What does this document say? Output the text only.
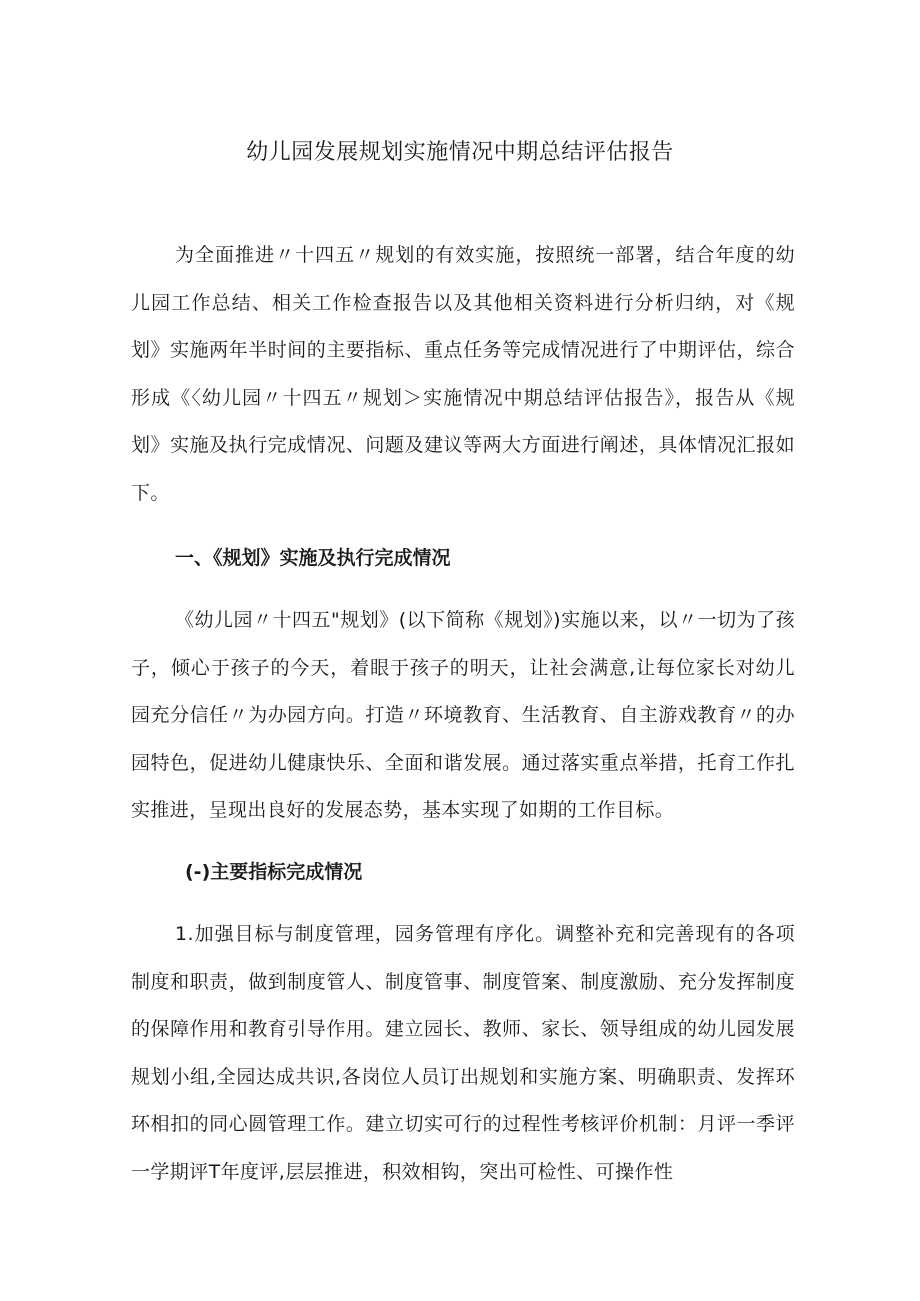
幼儿园发展规划实施情况中期总结评估报告

为全面推进〃十四五〃规划的有效实施，按照统一部署，结合年度的幼儿园工作总结、相关工作检查报告以及其他相关资料进行分析归纳，对《规划》实施两年半时间的主要指标、重点任务等完成情况进行了中期评估，综合形成《〈幼儿园〃十四五〃规划＞实施情况中期总结评估报告》，报告从《规划》实施及执行完成情况、问题及建议等两大方面进行阐述，具体情况汇报如下。

一、《规划》实施及执行完成情况

《幼儿园〃十四五"规划》(以下简称《规划》)实施以来，以〃一切为了孩子，倾心于孩子的今天，着眼于孩子的明天，让社会满意,让每位家长对幼儿园充分信任〃为办园方向。打造〃环境教育、生活教育、自主游戏教育〃的办园特色，促进幼儿健康快乐、全面和谐发展。通过落实重点举措，托育工作扎实推进，呈现出良好的发展态势，基本实现了如期的工作目标。

(-)主要指标完成情况

1.加强目标与制度管理，园务管理有序化。调整补充和完善现有的各项制度和职责，做到制度管人、制度管事、制度管案、制度激励、充分发挥制度的保障作用和教育引导作用。建立园长、教师、家长、领导组成的幼儿园发展规划小组,全园达成共识,各岗位人员订出规划和实施方案、明确职责、发挥环环相扣的同心圆管理工作。建立切实可行的过程性考核评价机制：月评一季评一学期评T年度评,层层推进，积效相钩，突出可检性、可操作性
